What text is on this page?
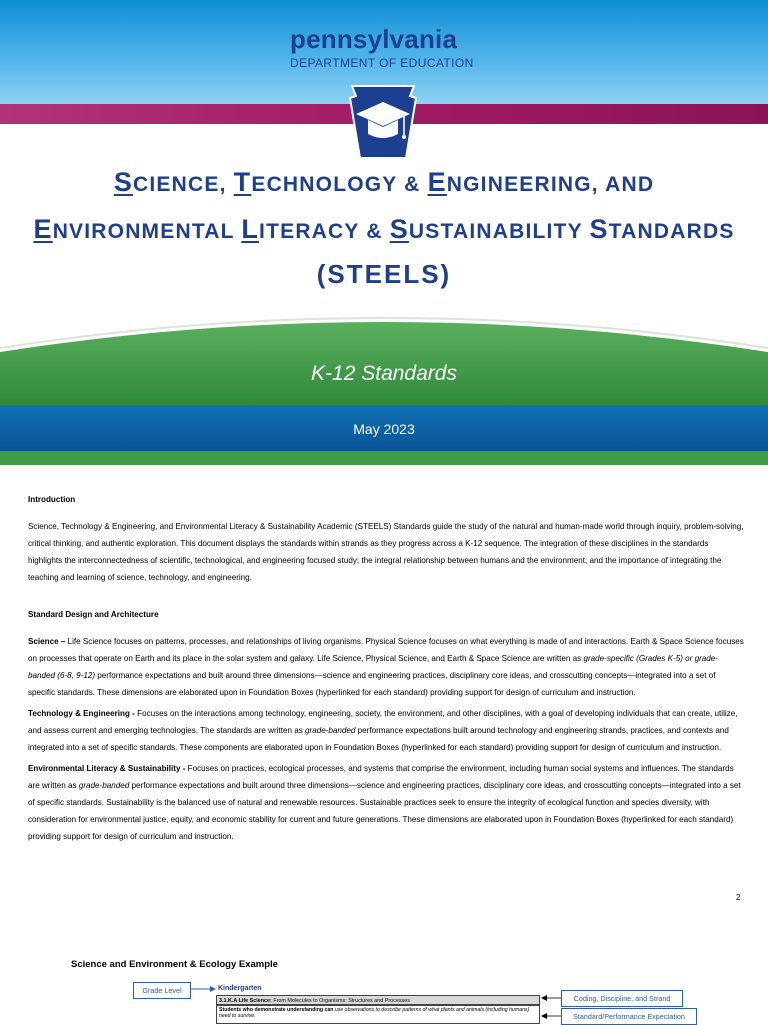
pennsylvania
DEPARTMENT OF EDUCATION
SCIENCE, TECHNOLOGY & ENGINEERING, AND
ENVIRONMENTAL LITERACY & SUSTAINABILITY STANDARDS
(STEELS)
K-12 Standards
May 2023
Introduction

Science, Technology & Engineering, and Environmental Literacy & Sustainability Academic (STEELS) Standards guide the study of the natural and human-made world through inquiry, problem-solving, critical thinking, and authentic exploration. This document displays the standards within strands as they progress across a K-12 sequence. The integration of these disciplines in the standards highlights the interconnectedness of scientific, technological, and engineering focused study; the integral relationship between humans and the environment; and the importance of integrating the teaching and learning of science, technology, and engineering.

Standard Design and Architecture

Science – Life Science focuses on patterns, processes, and relationships of living organisms. Physical Science focuses on what everything is made of and interactions. Earth & Space Science focuses on processes that operate on Earth and its place in the solar system and galaxy. Life Science, Physical Science, and Earth & Space Science are written as grade-specific (Grades K-5) or grade-banded (6-8, 9-12) performance expectations and built around three dimensions—science and engineering practices, disciplinary core ideas, and crosscutting concepts—integrated into a set of specific standards. These dimensions are elaborated upon in Foundation Boxes (hyperlinked for each standard) providing support for design of curriculum and instruction.

Technology & Engineering - Focuses on the interactions among technology, engineering, society, the environment, and other disciplines, with a goal of developing individuals that can create, utilize, and assess current and emerging technologies. The standards are written as grade-banded performance expectations built around technology and engineering strands, practices, and contexts and integrated into a set of specific standards. These components are elaborated upon in Foundation Boxes (hyperlinked for each standard) providing support for design of curriculum and instruction.

Environmental Literacy & Sustainability - Focuses on practices, ecological processes, and systems that comprise the environment, including human social systems and influences. The standards are written as grade-banded performance expectations and built around three dimensions—science and engineering practices, disciplinary core ideas, and crosscutting concepts—integrated into a set of specific standards. Sustainability is the balanced use of natural and renewable resources. Sustainable practices seek to ensure the integrity of ecological function and species diversity, with consideration for environmental justice, equity, and economic stability for current and future generations. These dimensions are elaborated upon in Foundation Boxes (hyperlinked for each standard) providing support for design of curriculum and instruction.

2
Science and Environment & Ecology Example
Grade Level	Kindergarten
3.1.K.A Life Science: From Molecules to Organisms: Structures and Processes
Students who demonstrate understanding can use observations to describe patterns of what plants and animals (including humans) need to survive.
Coding, Discipline, and Strand
Standard/Performance Expectation
